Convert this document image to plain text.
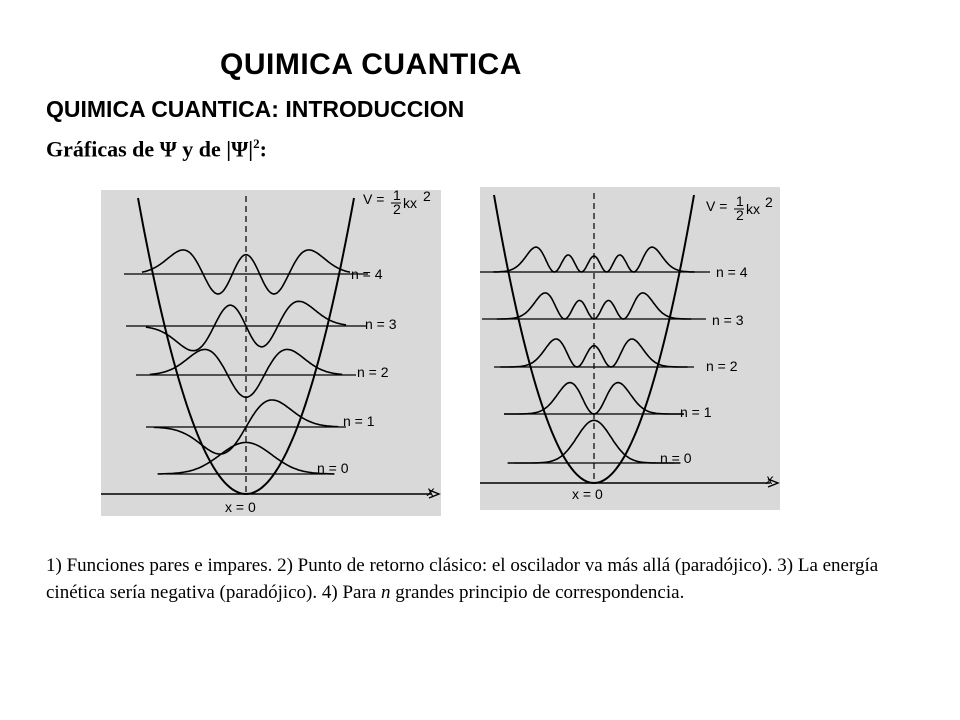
QUIMICA CUANTICA
QUIMICA CUANTICA: INTRODUCCION
Gráficas de Ψ y de $|\Psi|^2$:
V = 1
2 kx 2
n = 4
n = 3
n = 2
n = 1
n = 0
x
x = 0
V = 1
2 kx 2
n = 4
n = 3
n = 2
n = 1
n = 0
x
x = 0
1) Funciones pares e impares. 2) Punto de retorno clásico: el oscilador va más allá (paradójico). 3) La energía cinética sería negativa (paradójico). 4) Para n grandes principio de correspondencia.
